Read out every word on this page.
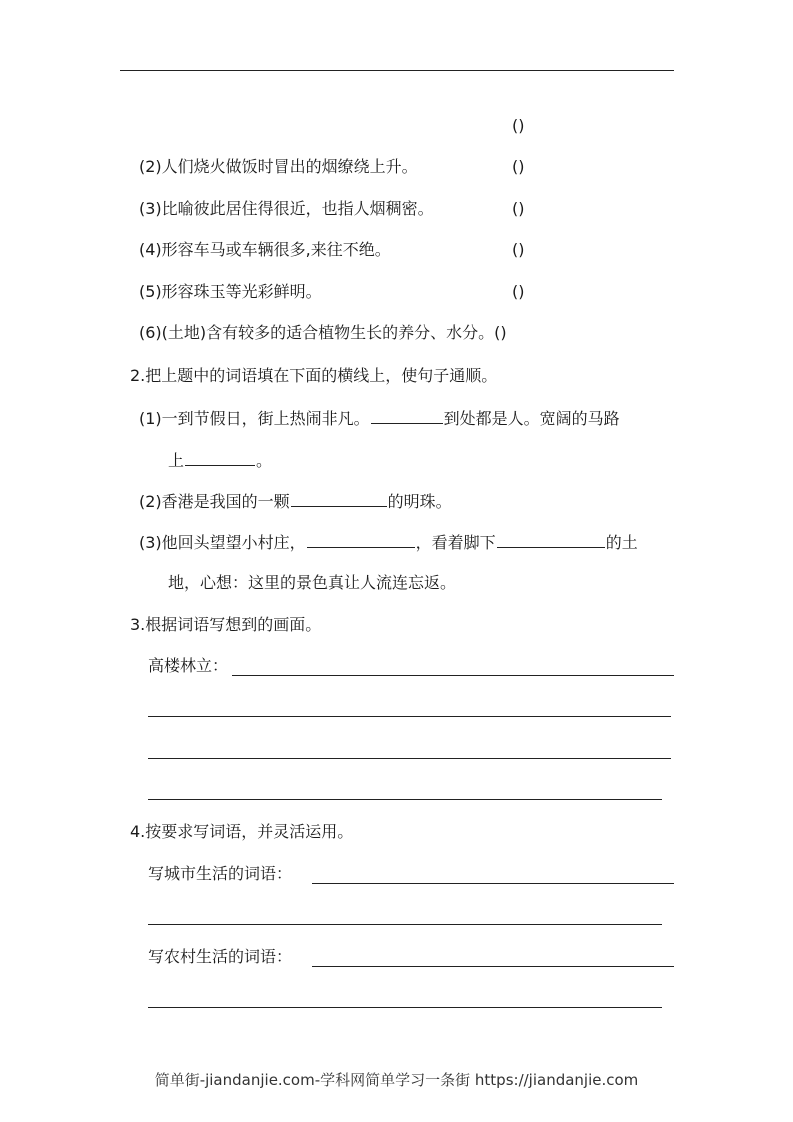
()
(2)人们烧火做饭时冒出的烟缭绕上升。	()
(3)比喻彼此居住得很近，也指人烟稠密。	()
(4)形容车马或车辆很多,来往不绝。	()
(5)形容珠玉等光彩鲜明。	()
(6)(土地)含有较多的适合植物生长的养分、水分。()
2.把上题中的词语填在下面的横线上，使句子通顺。
(1)一到节假日，街上热闹非凡。	到处都是人。宽阔的马路
上	。
(2)香港是我国的一颗	的明珠。
(3)他回头望望小村庄，	，看着脚下	的土
地，心想：这里的景色真让人流连忘返。
3.根据词语写想到的画面。
高楼林立：
4.按要求写词语，并灵活运用。
写城市生活的词语：
写农村生活的词语：
简单街-jiandanjie.com-学科网简单学习一条街 https://jiandanjie.com
